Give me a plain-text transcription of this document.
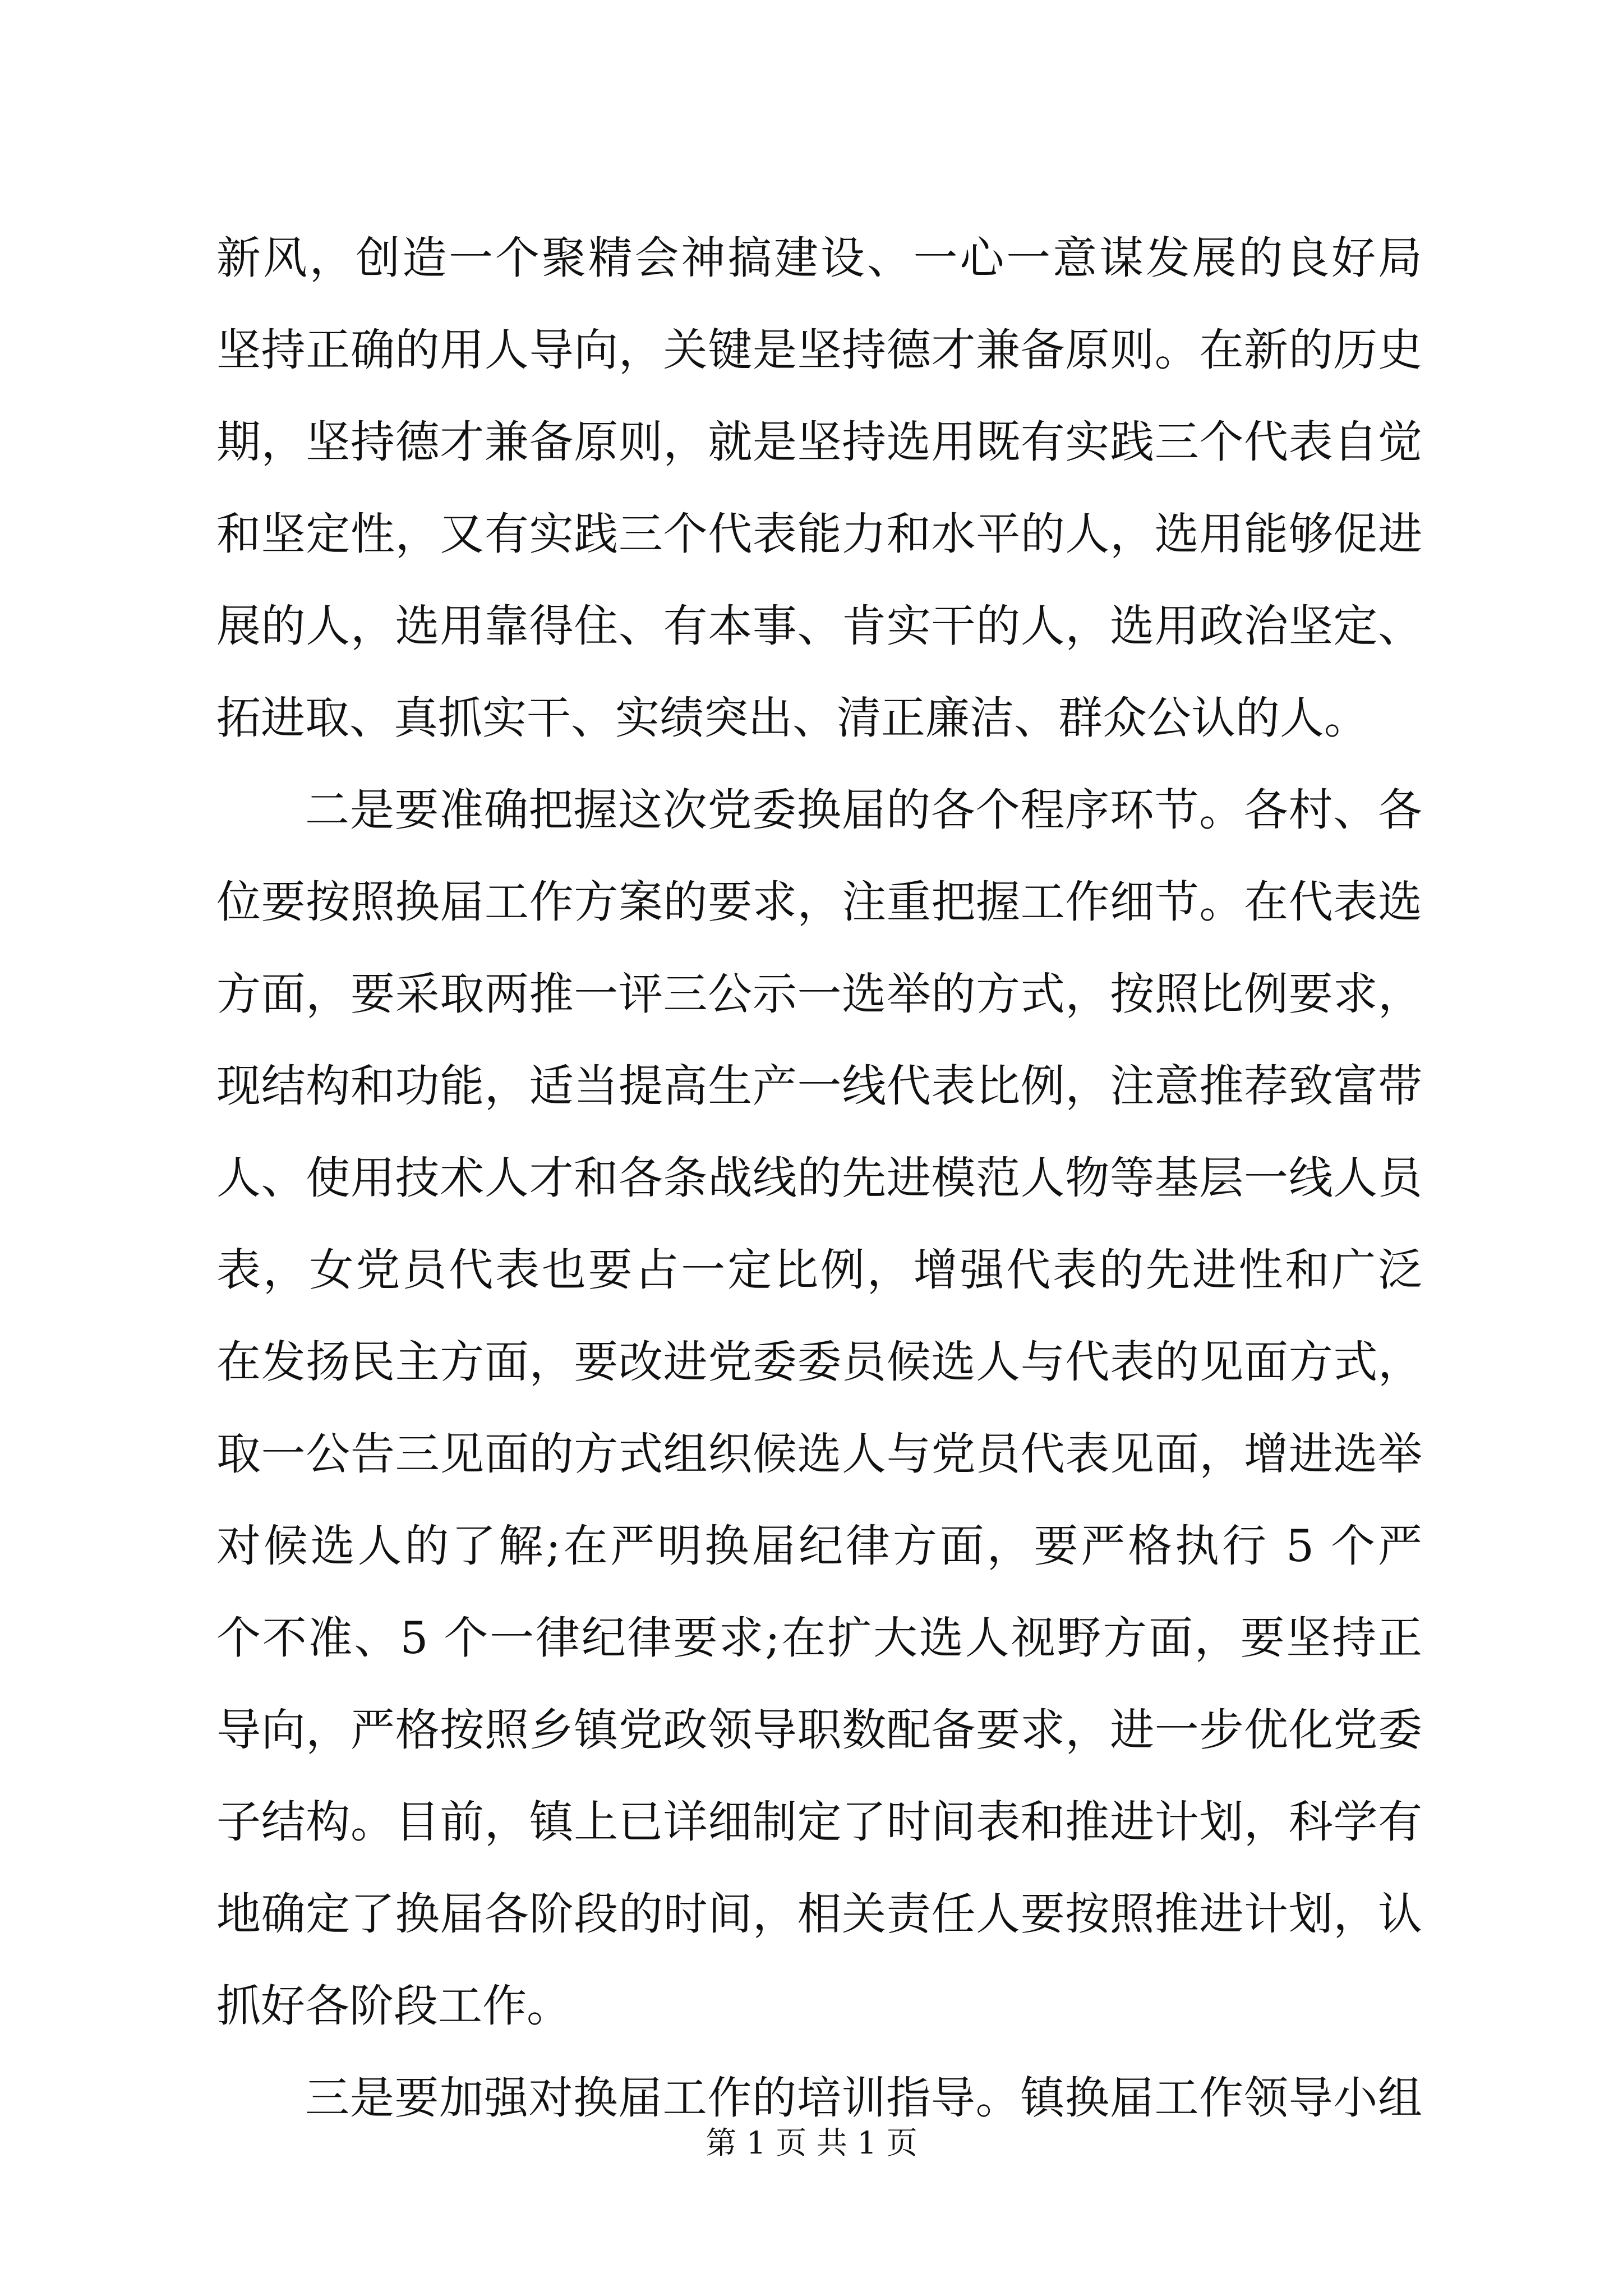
新风，创造一个聚精会神搞建设、一心一意谋发展的良好局
坚持正确的用人导向，关键是坚持德才兼备原则。在新的历史
期，坚持德才兼备原则，就是坚持选用既有实践三个代表自觉
和坚定性，又有实践三个代表能力和水平的人，选用能够促进
展的人，选用靠得住、有本事、肯实干的人，选用政治坚定、
拓进取、真抓实干、实绩突出、清正廉洁、群众公认的人。
二是要准确把握这次党委换届的各个程序环节。各村、各
位要按照换届工作方案的要求，注重把握工作细节。在代表选
方面，要采取两推一评三公示一选举的方式，按照比例要求，
现结构和功能，适当提高生产一线代表比例，注意推荐致富带
人、使用技术人才和各条战线的先进模范人物等基层一线人员
表，女党员代表也要占一定比例，增强代表的先进性和广泛
在发扬民主方面，要改进党委委员候选人与代表的见面方式，
取一公告三见面的方式组织候选人与党员代表见面，增进选举
对候选人的了解;在严明换届纪律方面，要严格执行 5 个严
个不准、5 个一律纪律要求;在扩大选人视野方面，要坚持正
导向，严格按照乡镇党政领导职数配备要求，进一步优化党委
子结构。目前，镇上已详细制定了时间表和推进计划，科学有
地确定了换届各阶段的时间，相关责任人要按照推进计划，认
抓好各阶段工作。
三是要加强对换届工作的培训指导。镇换届工作领导小组
第 1 页 共 1 页
